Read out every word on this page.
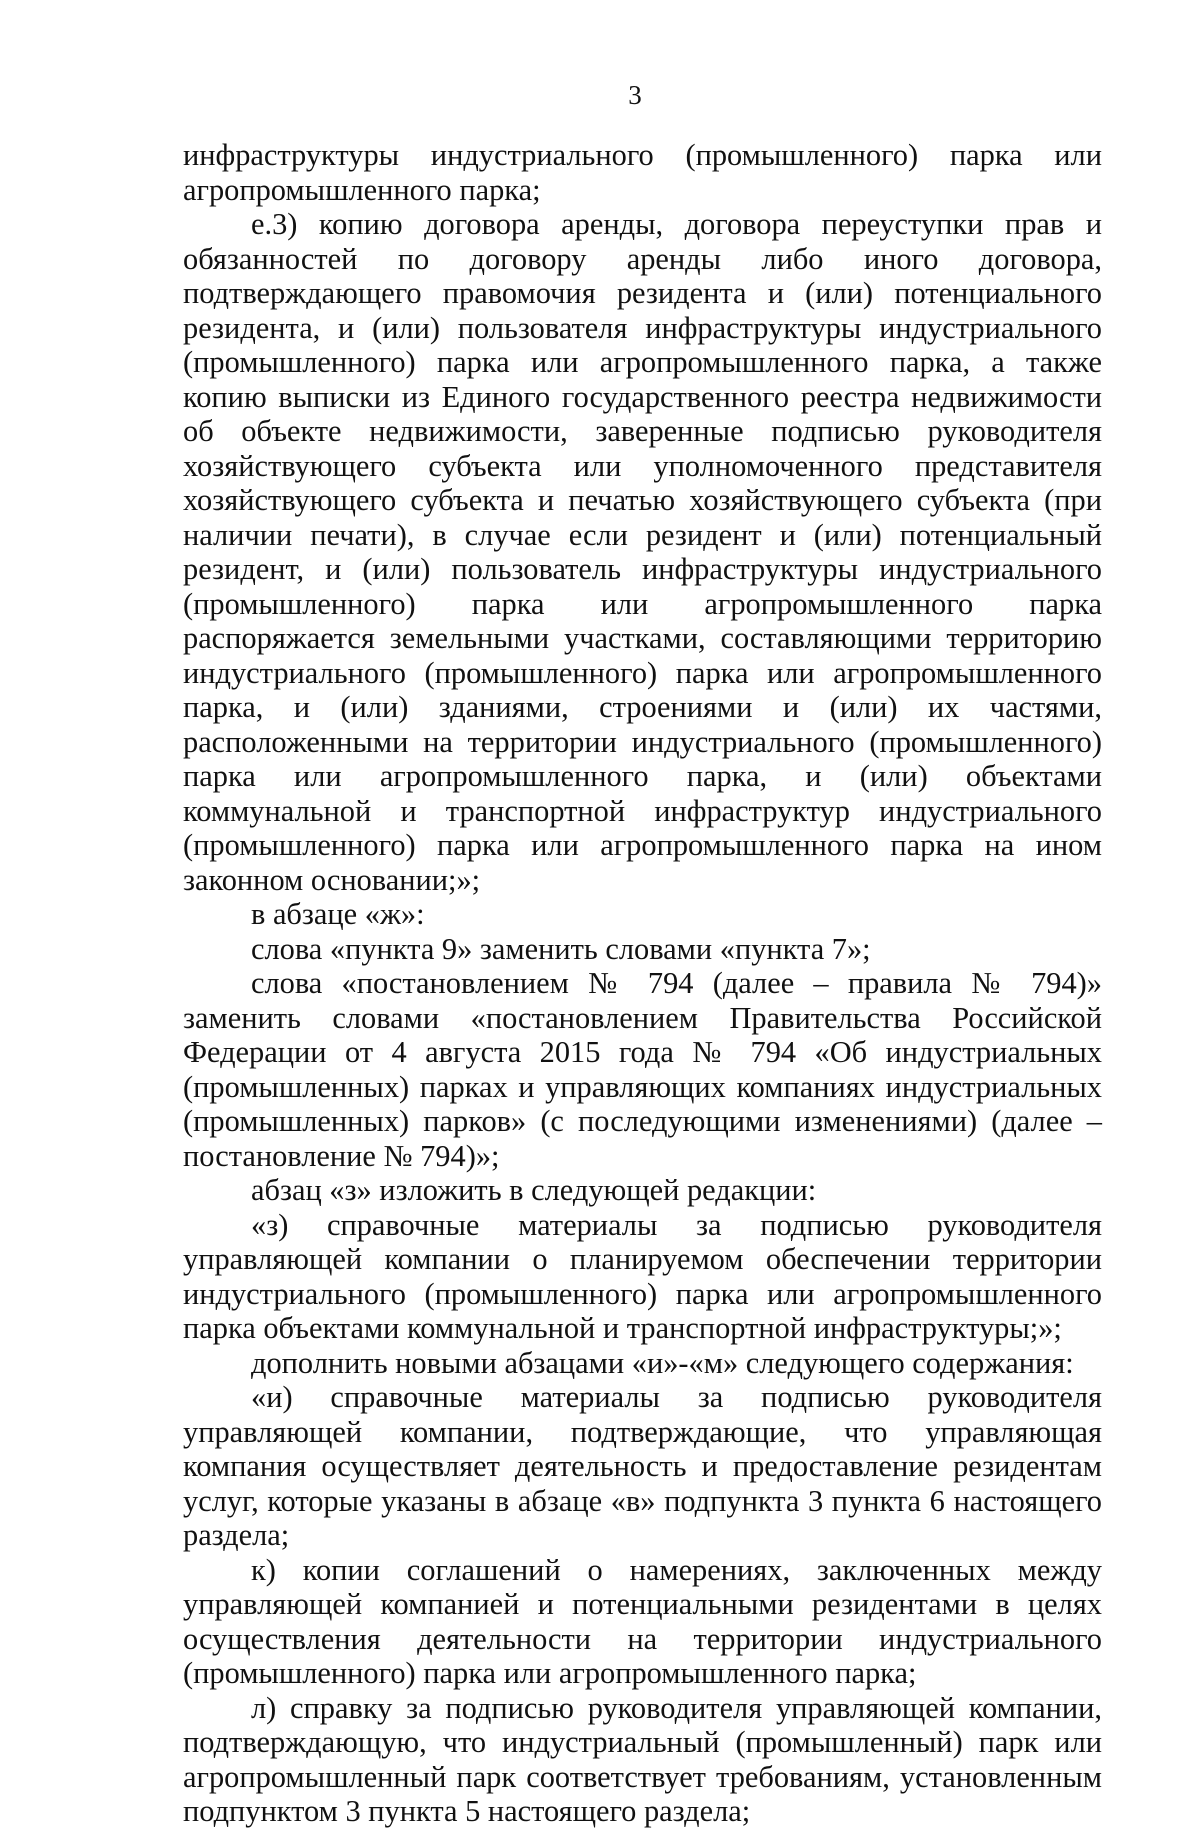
3

инфраструктуры индустриального (промышленного) парка или агропромышленного парка;

е.3) копию договора аренды, договора переуступки прав и обязанностей по договору аренды либо иного договора, подтверждающего правомочия резидента и (или) потенциального резидента, и (или) пользователя инфраструктуры индустриального (промышленного) парка или агропромышленного парка, а также копию выписки из Единого государственного реестра недвижимости об объекте недвижимости, заверенные подписью руководителя хозяйствующего субъекта или уполномоченного представителя хозяйствующего субъекта и печатью хозяйствующего субъекта (при наличии печати), в случае если резидент и (или) потенциальный резидент, и (или) пользователь инфраструктуры индустриального (промышленного) парка или агропромышленного парка распоряжается земельными участками, составляющими территорию индустриального (промышленного) парка или агропромышленного парка, и (или) зданиями, строениями и (или) их частями, расположенными на территории индустриального (промышленного) парка или агропромышленного парка, и (или) объектами коммунальной и транспортной инфраструктур индустриального (промышленного) парка или агропромышленного парка на ином законном основании;»;

в абзаце «ж»:

слова «пункта 9» заменить словами «пункта 7»;

слова «постановлением № 794 (далее – правила № 794)» заменить словами «постановлением Правительства Российской Федерации от 4 августа 2015 года № 794 «Об индустриальных (промышленных) парках и управляющих компаниях индустриальных (промышленных) парков» (с последующими изменениями) (далее – постановление № 794)»;

абзац «з» изложить в следующей редакции:

«з) справочные материалы за подписью руководителя управляющей компании о планируемом обеспечении территории индустриального (промышленного) парка или агропромышленного парка объектами коммунальной и транспортной инфраструктуры;»;

дополнить новыми абзацами «и»-«м» следующего содержания:

«и) справочные материалы за подписью руководителя управляющей компании, подтверждающие, что управляющая компания осуществляет деятельность и предоставление резидентам услуг, которые указаны в абзаце «в» подпункта 3 пункта 6 настоящего раздела;

к) копии соглашений о намерениях, заключенных между управляющей компанией и потенциальными резидентами в целях осуществления деятельности на территории индустриального (промышленного) парка или агропромышленного парка;

л) справку за подписью руководителя управляющей компании, подтверждающую, что индустриальный (промышленный) парк или агропромышленный парк соответствует требованиям, установленным подпунктом 3 пункта 5 настоящего раздела;
